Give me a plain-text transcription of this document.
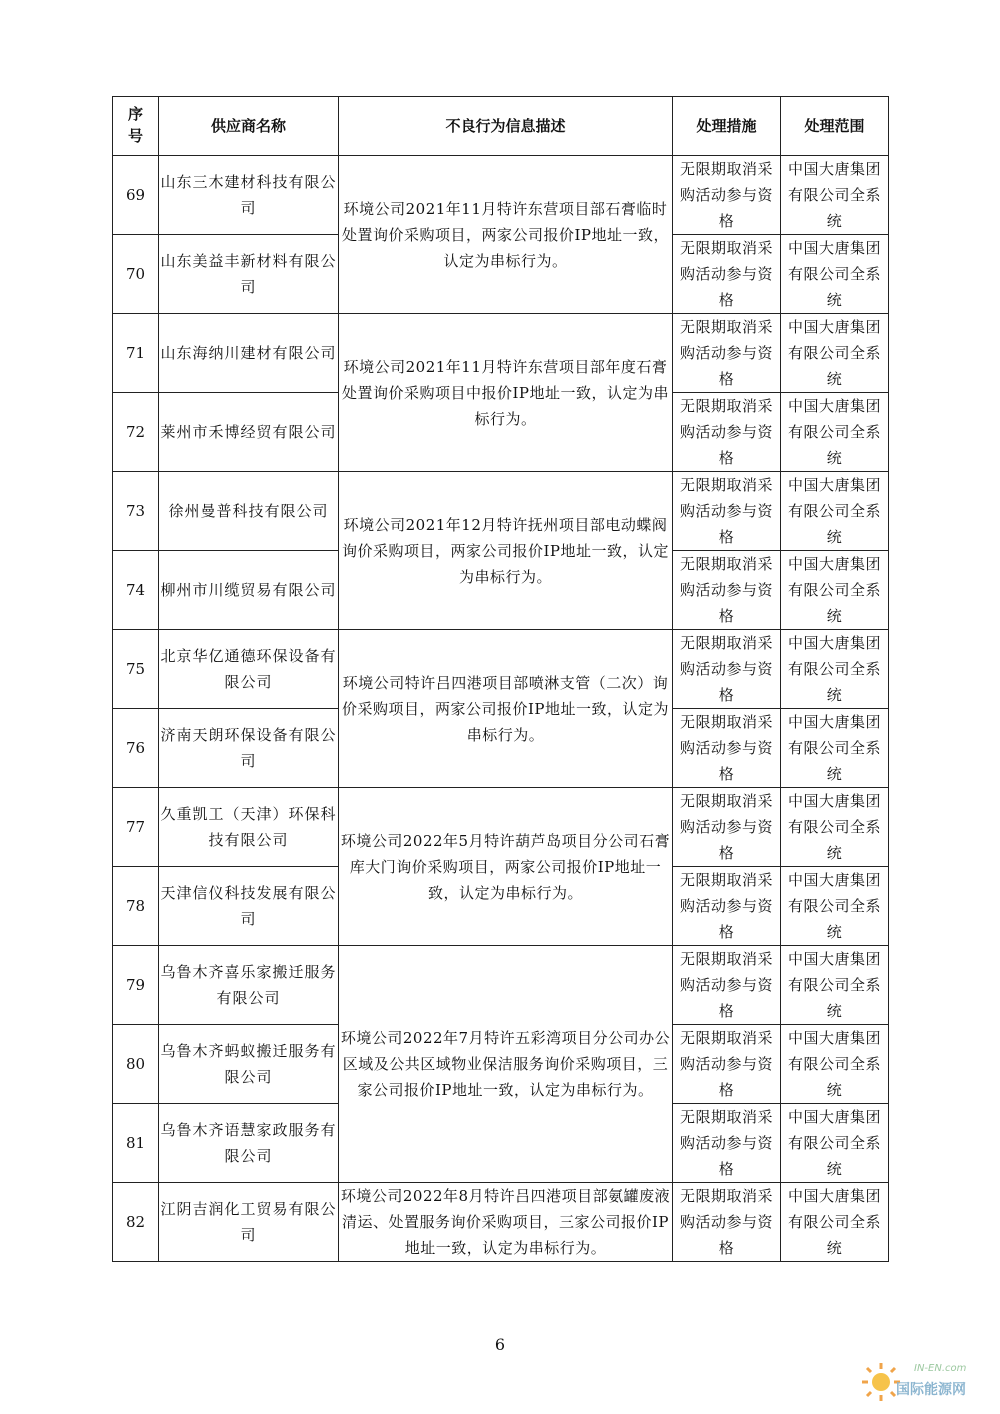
序号	供应商名称	不良行为信息描述	处理措施	处理范围
69	山东三木建材科技有限公司	环境公司2021年11月特许东营项目部石膏临时处置询价采购项目，两家公司报价IP地址一致，认定为串标行为。	无限期取消采购活动参与资格	中国大唐集团有限公司全系统
70	山东美益丰新材料有限公司		无限期取消采购活动参与资格	中国大唐集团有限公司全系统
71	山东海纳川建材有限公司	环境公司2021年11月特许东营项目部年度石膏处置询价采购项目中报价IP地址一致，认定为串标行为。	无限期取消采购活动参与资格	中国大唐集团有限公司全系统
72	莱州市禾博经贸有限公司		无限期取消采购活动参与资格	中国大唐集团有限公司全系统
73	徐州曼普科技有限公司	环境公司2021年12月特许抚州项目部电动蝶阀询价采购项目，两家公司报价IP地址一致，认定为串标行为。	无限期取消采购活动参与资格	中国大唐集团有限公司全系统
74	柳州市川缆贸易有限公司		无限期取消采购活动参与资格	中国大唐集团有限公司全系统
75	北京华亿通德环保设备有限公司	环境公司特许吕四港项目部喷淋支管（二次）询价采购项目，两家公司报价IP地址一致，认定为串标行为。	无限期取消采购活动参与资格	中国大唐集团有限公司全系统
76	济南天朗环保设备有限公司		无限期取消采购活动参与资格	中国大唐集团有限公司全系统
77	久重凯工（天津）环保科技有限公司	环境公司2022年5月特许葫芦岛项目分公司石膏库大门询价采购项目，两家公司报价IP地址一致，认定为串标行为。	无限期取消采购活动参与资格	中国大唐集团有限公司全系统
78	天津信仪科技发展有限公司		无限期取消采购活动参与资格	中国大唐集团有限公司全系统
79	乌鲁木齐喜乐家搬迁服务有限公司	环境公司2022年7月特许五彩湾项目分公司办公区域及公共区域物业保洁服务询价采购项目，三家公司报价IP地址一致，认定为串标行为。	无限期取消采购活动参与资格	中国大唐集团有限公司全系统
80	乌鲁木齐蚂蚁搬迁服务有限公司		无限期取消采购活动参与资格	中国大唐集团有限公司全系统
81	乌鲁木齐语慧家政服务有限公司		无限期取消采购活动参与资格	中国大唐集团有限公司全系统
82	江阴吉润化工贸易有限公司	环境公司2022年8月特许吕四港项目部氨罐废液清运、处置服务询价采购项目，三家公司报价IP地址一致，认定为串标行为。	无限期取消采购活动参与资格	中国大唐集团有限公司全系统
6
IN-EN.com
国际能源网
